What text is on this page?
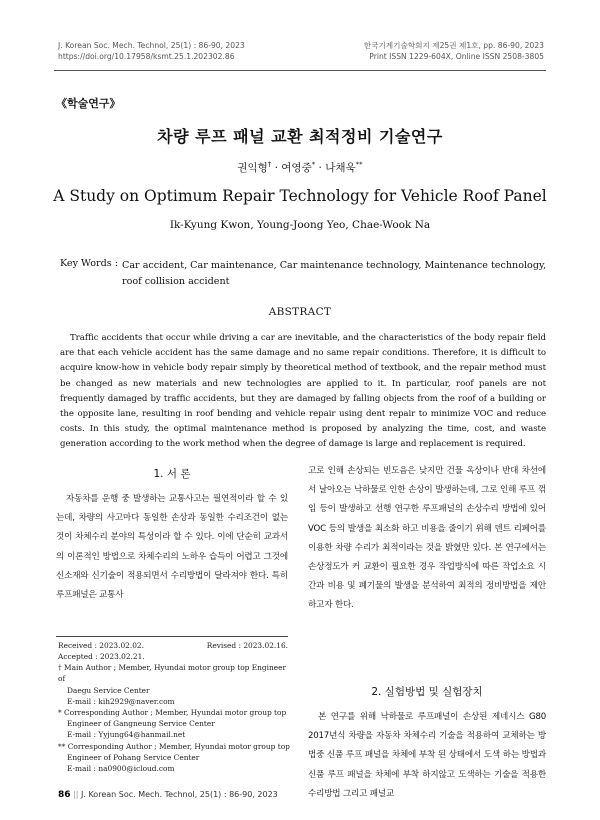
J. Korean Soc. Mech. Technol, 25(1) : 86-90, 2023
https://doi.org/10.17958/ksmt.25.1.202302.86
한국기계기술학회지 제25권 제1호, pp. 86-90, 2023
Print ISSN 1229-604X, Online ISSN 2508-3805
《학술연구》
차량 루프 패널 교환 최적정비 기술연구
권익형† · 여영중* · 나채욱**
A Study on Optimum Repair Technology for Vehicle Roof Panel
Ik-Kyung Kwon, Young-Joong Yeo, Chae-Wook Na
Key Words : Car accident, Car maintenance, Car maintenance technology, Maintenance technology, roof collision accident
ABSTRACT
Traffic accidents that occur while driving a car are inevitable, and the characteristics of the body repair field are that each vehicle accident has the same damage and no same repair conditions. Therefore, it is difficult to acquire know-how in vehicle body repair simply by theoretical method of textbook, and the repair method must be changed as new materials and new technologies are applied to it. In particular, roof panels are not frequently damaged by traffic accidents, but they are damaged by falling objects from the roof of a building or the opposite lane, resulting in roof bending and vehicle repair using dent repair to minimize VOC and reduce costs. In this study, the optimal maintenance method is proposed by analyzing the time, cost, and waste generation according to the work method when the degree of damage is large and replacement is required.
1. 서 론
자동차를 운행 중 발생하는 교통사고는 필연적이라 할 수 있는데, 차량의 사고마다 동일한 손상과 동일한 수리조건이 없는 것이 차체수리 분야의 특성이라 할 수 있다. 이에 단순히 교과서의 이론적인 방법으로 차체수리의 노하우 습득이 어렵고 그것에 신소재와 신기술이 적용되면서 수리방법이 달라져야 한다. 특히 루프패널은 교통사
고로 인해 손상되는 빈도음은 낮지만 건물 옥상이나 반대 차선에서 날아오는 낙하물로 인한 손상이 발생하는데, 그로 인해 루프 꺾임 등이 발생하고 선행 연구한 루프패널의 손상수리 방법에 있어 VOC 등의 발생을 최소화 하고 비용을 줄이기 위해 덴트 리페어를 이용한 차량 수리가 최적이라는 것을 밝혔만 있다. 본 연구에서는 손상정도가 커 교환이 필요한 경우 작업방식에 따른 작업소요 시간과 비용 및 폐기물의 발생을 분석하여 최적의 정비방법을 제안하고자 한다.
2. 실험방법 및 실험장치
본 연구를 위해 낙하물로 루프패널이 손상된 제네시스 G80 2017년식 차량을 자동차 차체수리 기술을 적용하여 교체하는 방법중 신품 루프 패널을 차체에 부착 된 상태에서 도색 하는 방법과 신품 루프 패널을 차체에 부착 하지않고 도색하는 기술을 적용한 수리방법 그리고 패널교
Received : 2023.02.02.	Revised : 2023.02.16.
Accepted : 2023.02.21.
† Main Author ; Member, Hyundai motor group top Engineer of
Daegu Service Center
E-mail : kih2929@naver.com
* Corresponding Author ; Member, Hyundai motor group top
Engineer of Gangneung Service Center
E-mail : Yyjung64@hanmail.net
** Corresponding Author ; Member, Hyundai motor group top
Engineer of Pohang Service Center
E-mail : na0900@icloud.com
86 || J. Korean Soc. Mech. Technol, 25(1) : 86-90, 2023
